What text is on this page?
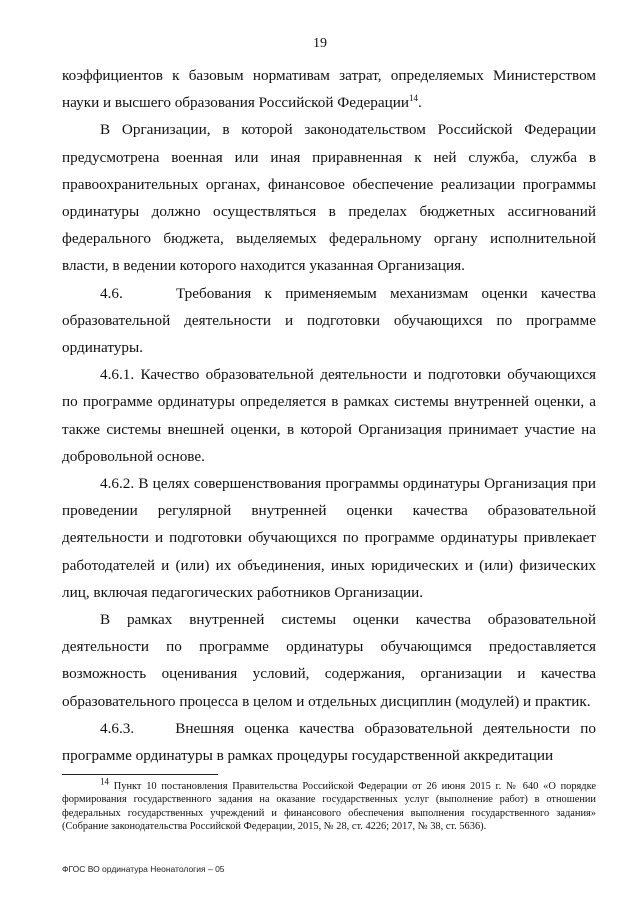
19

коэффициентов к базовым нормативам затрат, определяемых Министерством науки и высшего образования Российской Федерации$^{14}$.

В Организации, в которой законодательством Российской Федерации предусмотрена военная или иная приравненная к ней служба, служба в правоохранительных органах, финансовое обеспечение реализации программы ординатуры должно осуществляться в пределах бюджетных ассигнований федерального бюджета, выделяемых федеральному органу исполнительной власти, в ведении которого находится указанная Организация.

4.6.    Требования к применяемым механизмам оценки качества образовательной деятельности и подготовки обучающихся по программе ординатуры.

4.6.1. Качество образовательной деятельности и подготовки обучающихся по программе ординатуры определяется в рамках системы внутренней оценки, а также системы внешней оценки, в которой Организация принимает участие на добровольной основе.

4.6.2. В целях совершенствования программы ординатуры Организация при проведении регулярной внутренней оценки качества образовательной деятельности и подготовки обучающихся по программе ординатуры привлекает работодателей и (или) их объединения, иных юридических и (или) физических лиц, включая педагогических работников Организации.

В рамках внутренней системы оценки качества образовательной деятельности по программе ординатуры обучающимся предоставляется возможность оценивания условий, содержания, организации и качества образовательного процесса в целом и отдельных дисциплин (модулей) и практик.

4.6.3.    Внешняя оценка качества образовательной деятельности по программе ординатуры в рамках процедуры государственной аккредитации

$^{14}$ Пункт 10 постановления Правительства Российской Федерации от 26 июня 2015 г. № 640 «О порядке формирования государственного задания на оказание государственных услуг (выполнение работ) в отношении федеральных государственных учреждений и финансового обеспечения выполнения государственного задания» (Собрание законодательства Российской Федерации, 2015, № 28, ст. 4226; 2017, № 38, ст. 5636).
ФГОС ВО ординатура Неонатология – 05
